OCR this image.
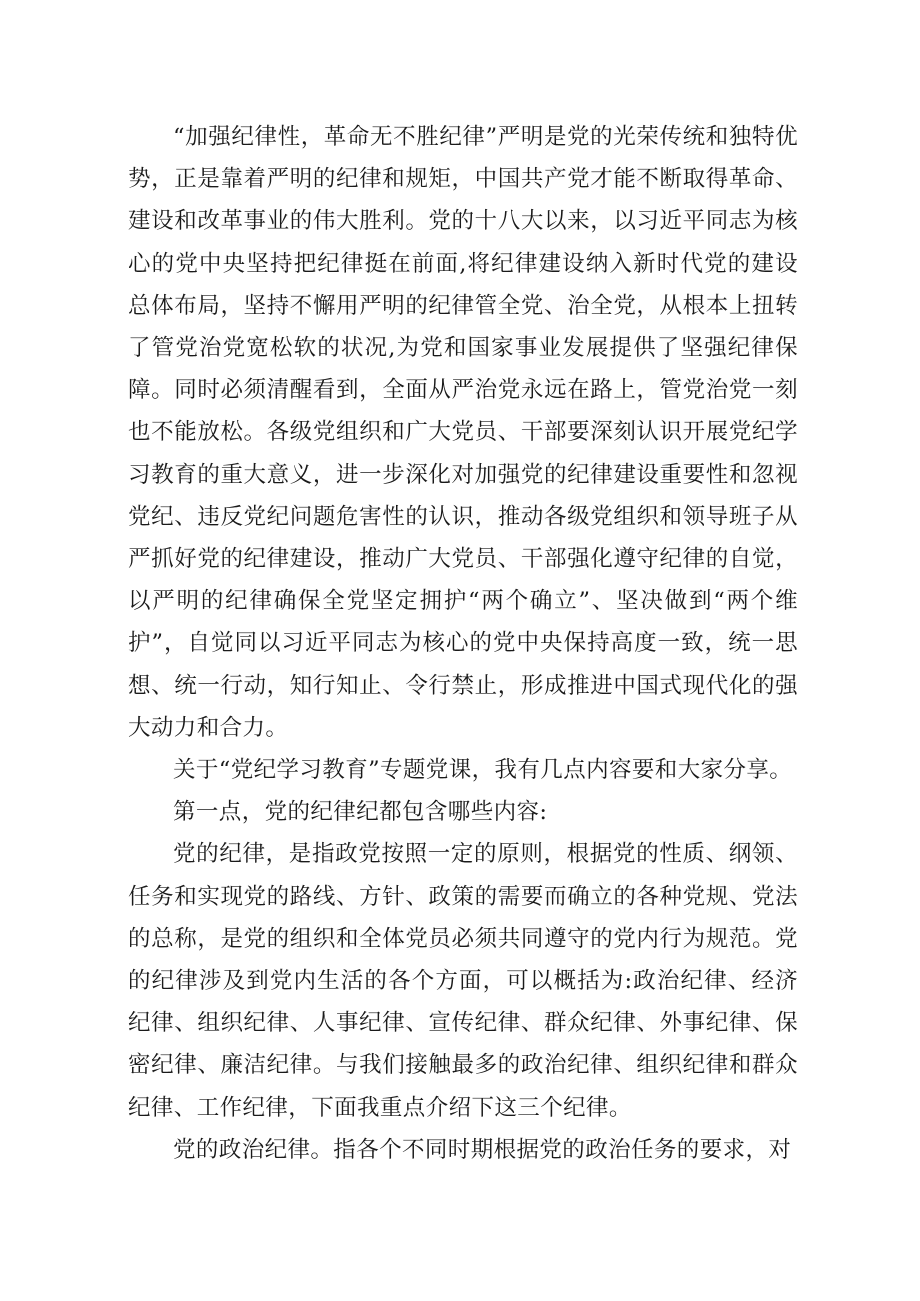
“加强纪律性，革命无不胜纪律”严明是党的光荣传统和独特优势，正是靠着严明的纪律和规矩，中国共产党才能不断取得革命、建设和改革事业的伟大胜利。党的十八大以来，以习近平同志为核心的党中央坚持把纪律挺在前面,将纪律建设纳入新时代党的建设总体布局，坚持不懈用严明的纪律管全党、治全党，从根本上扭转了管党治党宽松软的状况,为党和国家事业发展提供了坚强纪律保障。同时必须清醒看到，全面从严治党永远在路上，管党治党一刻也不能放松。各级党组织和广大党员、干部要深刻认识开展党纪学习教育的重大意义，进一步深化对加强党的纪律建设重要性和忽视党纪、违反党纪问题危害性的认识，推动各级党组织和领导班子从严抓好党的纪律建设，推动广大党员、干部强化遵守纪律的自觉，以严明的纪律确保全党坚定拥护“两个确立”、坚决做到“两个维护”，自觉同以习近平同志为核心的党中央保持高度一致，统一思想、统一行动，知行知止、令行禁止，形成推进中国式现代化的强大动力和合力。

关于“党纪学习教育”专题党课，我有几点内容要和大家分享。

第一点，党的纪律纪都包含哪些内容:

党的纪律，是指政党按照一定的原则，根据党的性质、纲领、任务和实现党的路线、方针、政策的需要而确立的各种党规、党法的总称，是党的组织和全体党员必须共同遵守的党内行为规范。党的纪律涉及到党内生活的各个方面，可以概括为:政治纪律、经济纪律、组织纪律、人事纪律、宣传纪律、群众纪律、外事纪律、保密纪律、廉洁纪律。与我们接触最多的政治纪律、组织纪律和群众纪律、工作纪律，下面我重点介绍下这三个纪律。

党的政治纪律。指各个不同时期根据党的政治任务的要求，对
